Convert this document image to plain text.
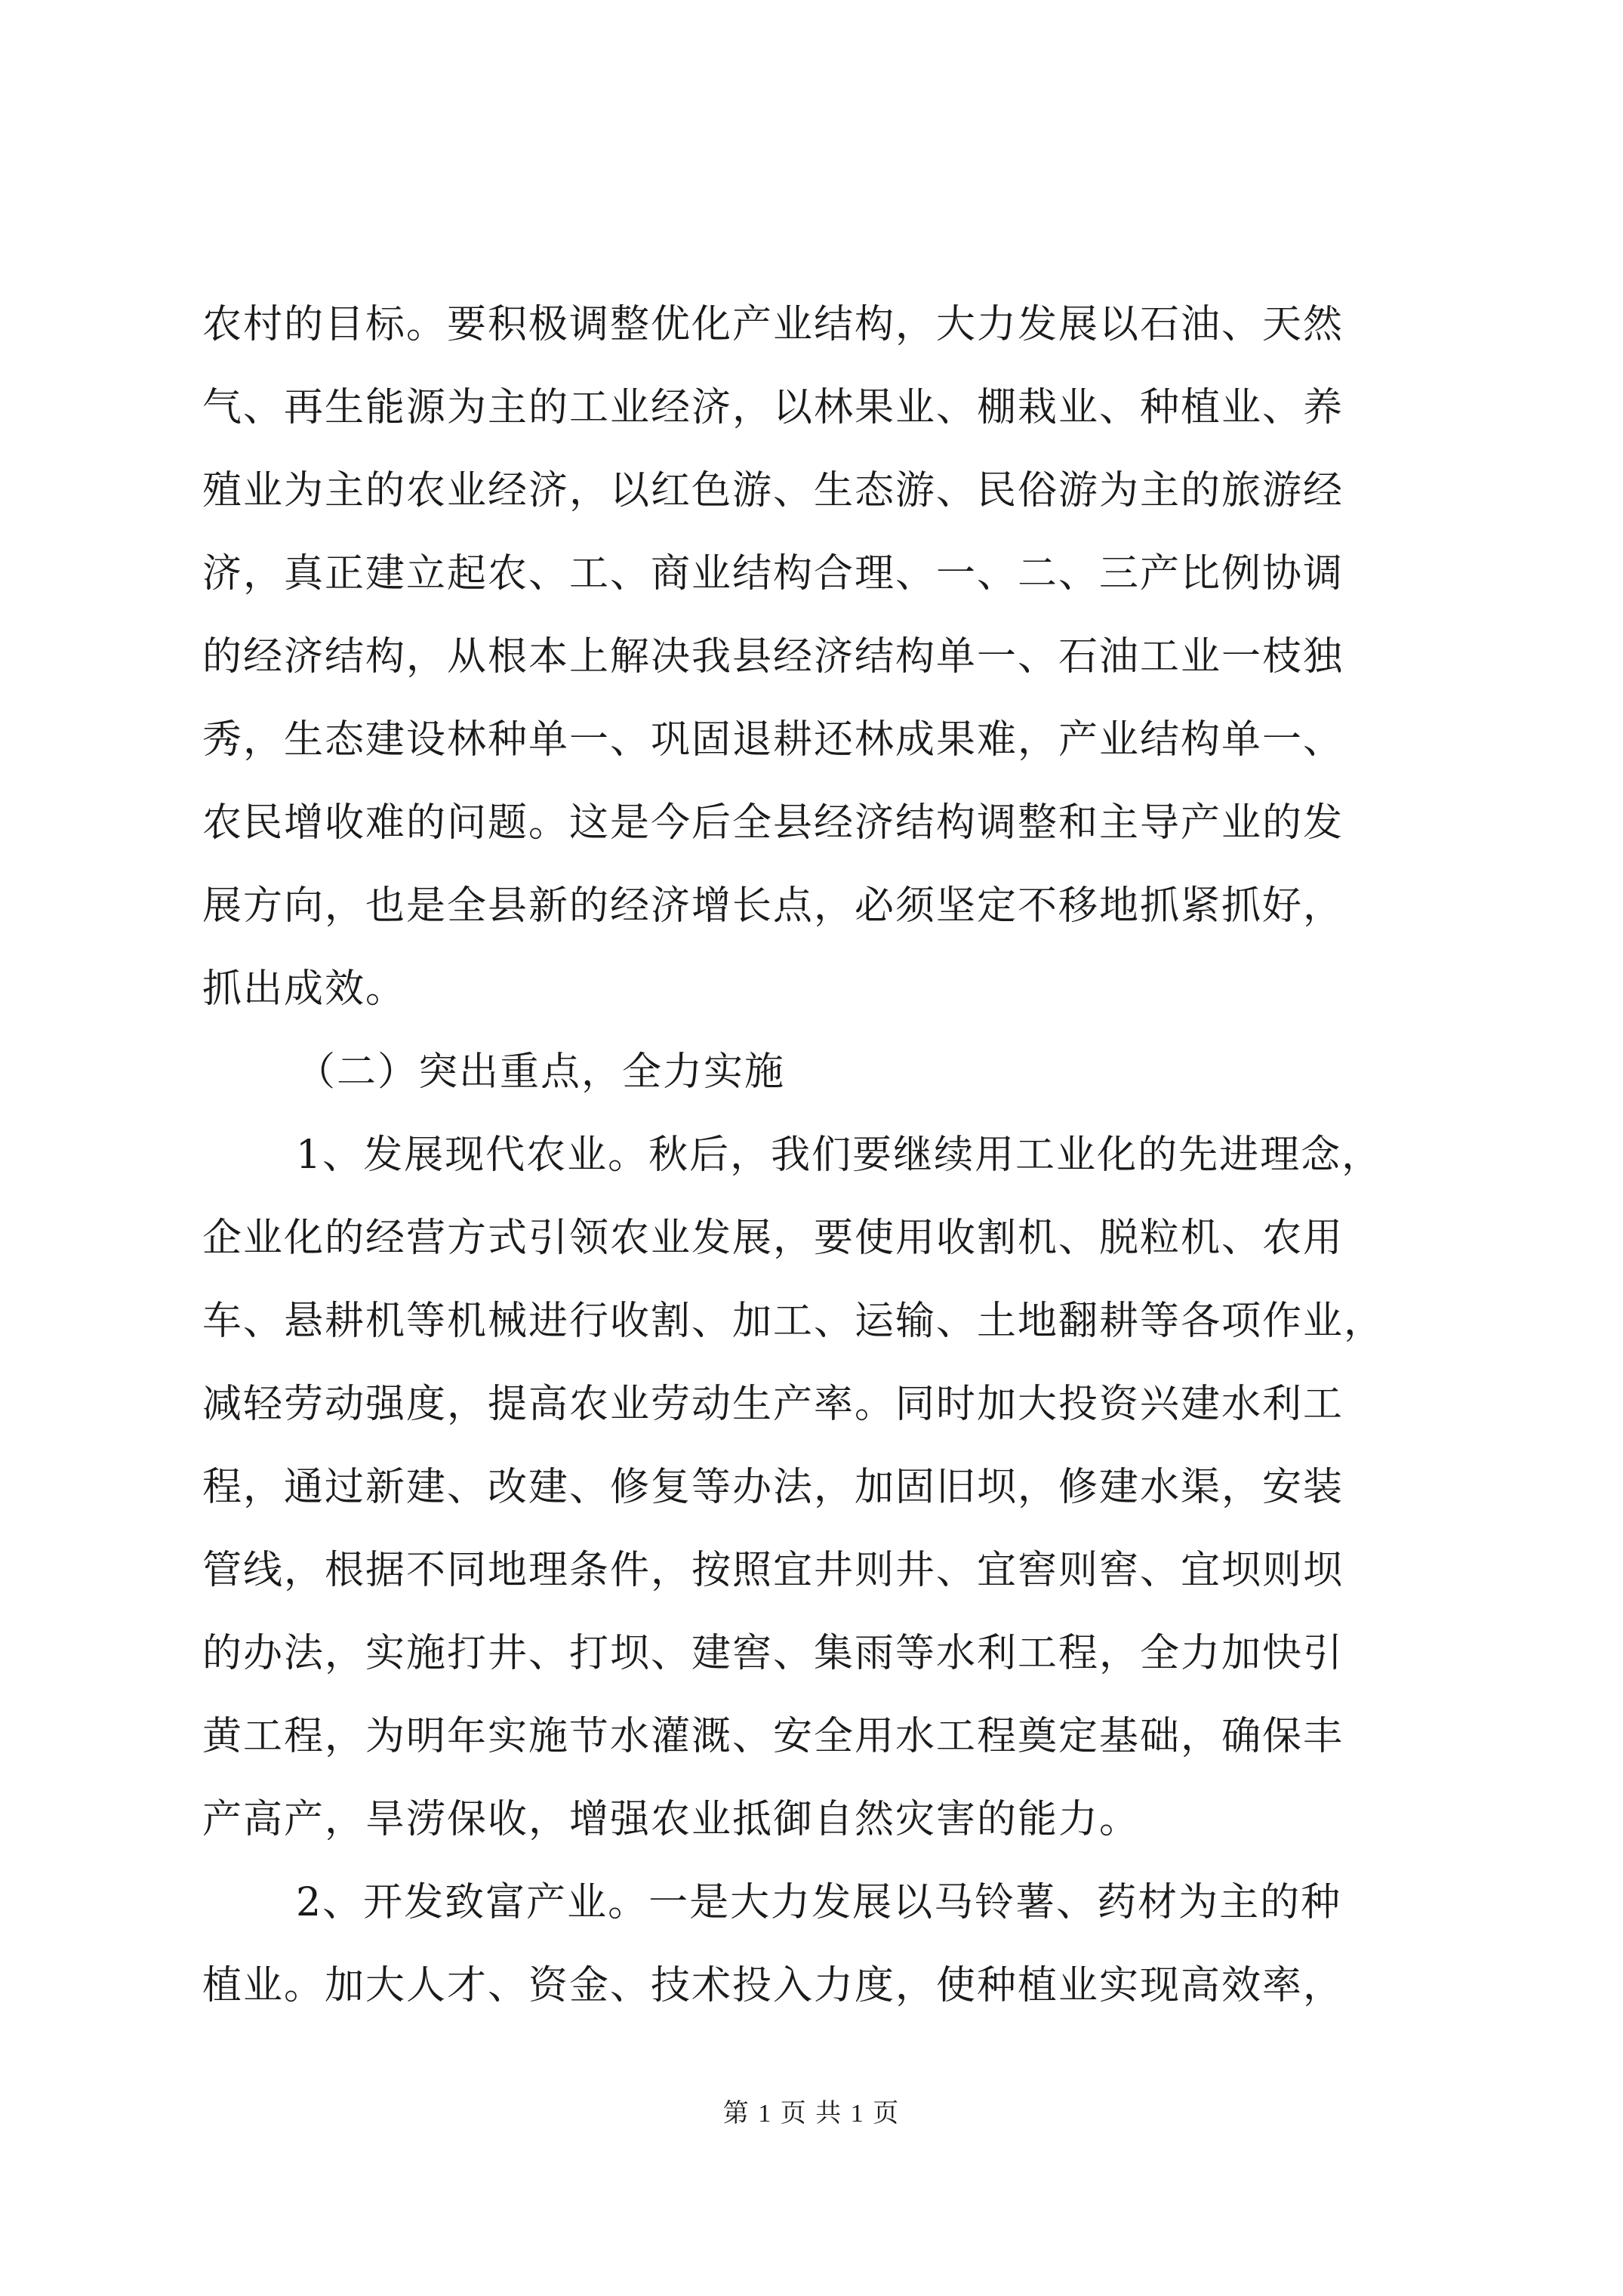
农村的目标。要积极调整优化产业结构，大力发展以石油、天然
气、再生能源为主的工业经济，以林果业、棚栽业、种植业、养
殖业为主的农业经济，以红色游、生态游、民俗游为主的旅游经
济，真正建立起农、工、商业结构合理、一、二、三产比例协调
的经济结构，从根本上解决我县经济结构单一、石油工业一枝独
秀，生态建设林种单一、巩固退耕还林成果难，产业结构单一、
农民增收难的问题。这是今后全县经济结构调整和主导产业的发
展方向，也是全县新的经济增长点，必须坚定不移地抓紧抓好，
抓出成效。
（二）突出重点，全力实施
1、发展现代农业。秋后，我们要继续用工业化的先进理念，
企业化的经营方式引领农业发展，要使用收割机、脱粒机、农用
车、悬耕机等机械进行收割、加工、运输、土地翻耕等各项作业，
减轻劳动强度，提高农业劳动生产率。同时加大投资兴建水利工
程，通过新建、改建、修复等办法，加固旧坝，修建水渠，安装
管线，根据不同地理条件，按照宜井则井、宜窖则窖、宜坝则坝
的办法，实施打井、打坝、建窖、集雨等水利工程，全力加快引
黄工程，为明年实施节水灌溉、安全用水工程奠定基础，确保丰
产高产，旱涝保收，增强农业抵御自然灾害的能力。
2、开发致富产业。一是大力发展以马铃薯、药材为主的种
植业。加大人才、资金、技术投入力度，使种植业实现高效率，
第 1 页 共 1 页
